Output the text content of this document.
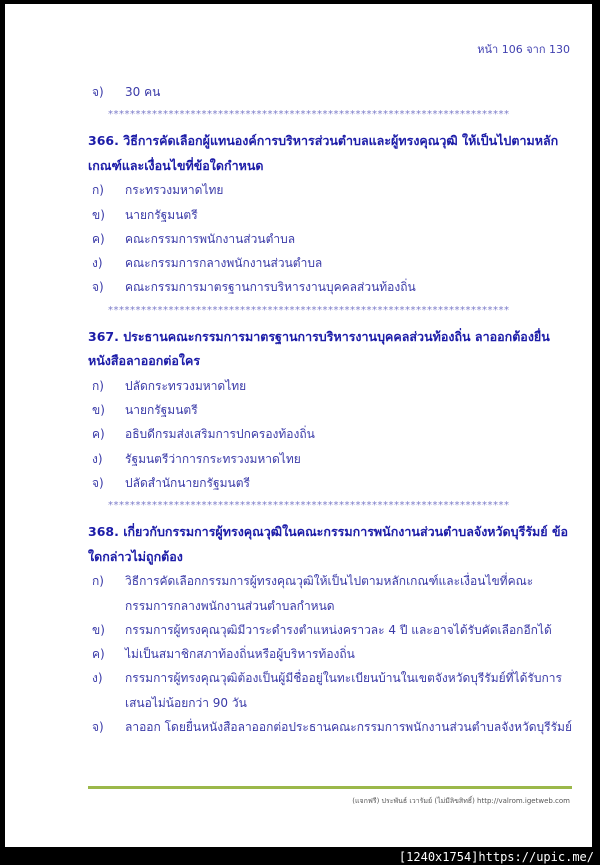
หน้า 106 จาก 130
จ)	30 คน
*************************************************************************
366. วิธีการคัดเลือกผู้แทนองค์การบริหารส่วนตำบลและผู้ทรงคุณวุฒิ ให้เป็นไปตามหลักเกณฑ์และเงื่อนไขที่ข้อใดกำหนด
ก)	กระทรวงมหาดไทย
ข)	นายกรัฐมนตรี
ค)	คณะกรรมการพนักงานส่วนตำบล
ง)	คณะกรรมการกลางพนักงานส่วนตำบล
จ)	คณะกรรมการมาตรฐานการบริหารงานบุคคลส่วนท้องถิ่น
*************************************************************************
367. ประธานคณะกรรมการมาตรฐานการบริหารงานบุคคลส่วนท้องถิ่น ลาออกต้องยื่นหนังสือลาออกต่อใคร
ก)	ปลัดกระทรวงมหาดไทย
ข)	นายกรัฐมนตรี
ค)	อธิบดีกรมส่งเสริมการปกครองท้องถิ่น
ง)	รัฐมนตรีว่าการกระทรวงมหาดไทย
จ)	ปลัดสำนักนายกรัฐมนตรี
*************************************************************************
368. เกี่ยวกับกรรมการผู้ทรงคุณวุฒิในคณะกรรมการพนักงานส่วนตำบลจังหวัดบุรีรัมย์ ข้อใดกล่าวไม่ถูกต้อง
ก)	วิธีการคัดเลือกกรรมการผู้ทรงคุณวุฒิให้เป็นไปตามหลักเกณฑ์และเงื่อนไขที่คณะกรรมการกลางพนักงานส่วนตำบลกำหนด
ข)	กรรมการผู้ทรงคุณวุฒิมีวาระดำรงตำแหน่งคราวละ 4 ปี และอาจได้รับคัดเลือกอีกได้
ค)	ไม่เป็นสมาชิกสภาท้องถิ่นหรือผู้บริหารท้องถิ่น
ง)	กรรมการผู้ทรงคุณวุฒิต้องเป็นผู้มีชื่ออยู่ในทะเบียนบ้านในเขตจังหวัดบุรีรัมย์ที่ได้รับการเสนอไม่น้อยกว่า 90 วัน
จ)	ลาออก โดยยื่นหนังสือลาออกต่อประธานคณะกรรมการพนักงานส่วนตำบลจังหวัดบุรีรัมย์
(แจกฟรี) ประพันธ์ เวารัมย์ (ไม่มีลิขสิทธิ์) http://valrom.igetweb.com
[1240x1754]https://upic.me/
